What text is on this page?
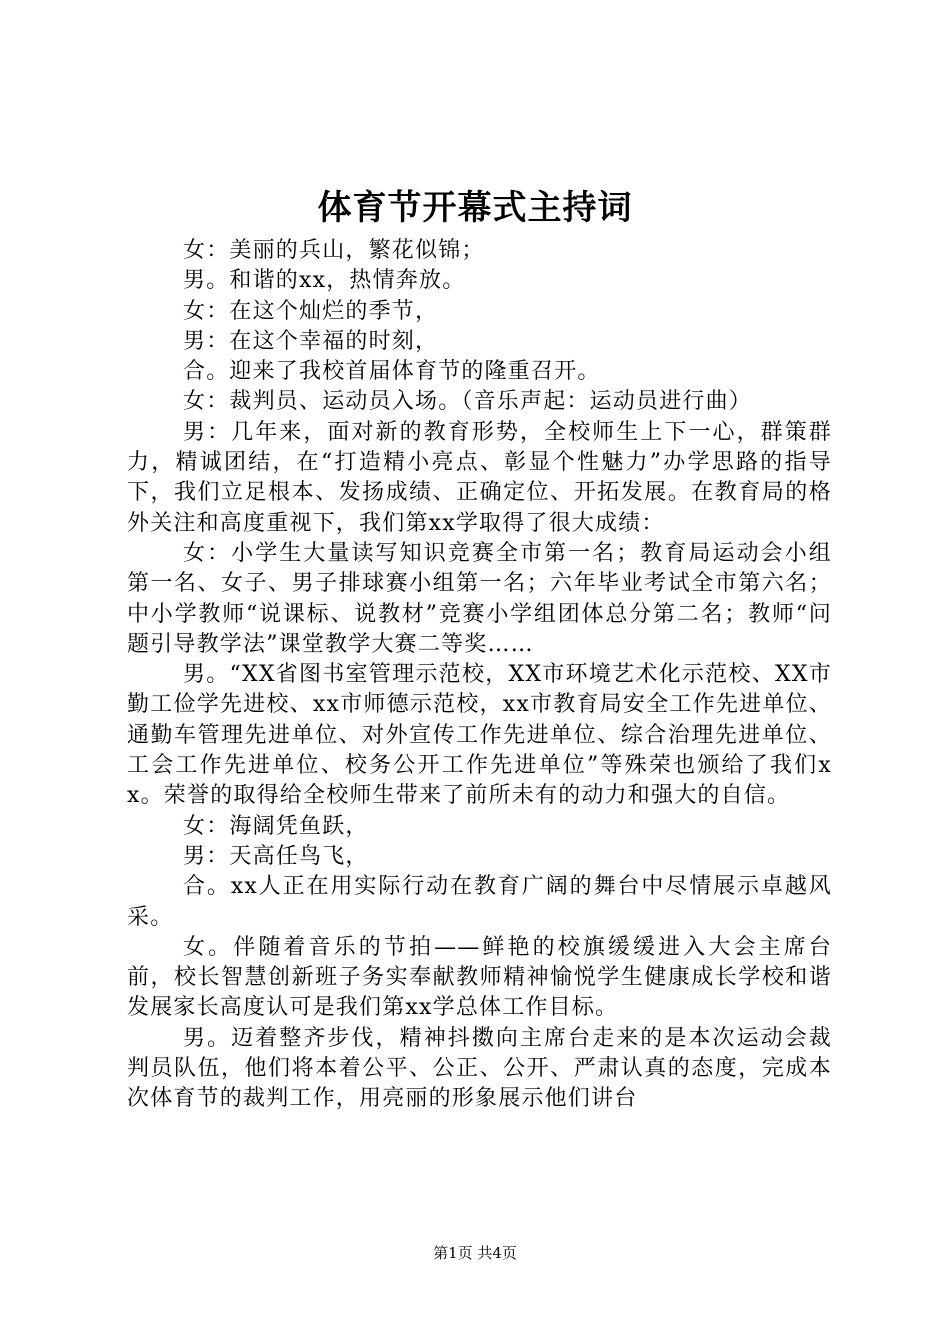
体育节开幕式主持词

女：美丽的兵山，繁花似锦；

男。和谐的xx，热情奔放。

女：在这个灿烂的季节，

男：在这个幸福的时刻，

合。迎来了我校首届体育节的隆重召开。

女：裁判员、运动员入场。（音乐声起：运动员进行曲）

男：几年来，面对新的教育形势，全校师生上下一心，群策群力，精诚团结，在“打造精小亮点、彰显个性魅力”办学思路的指导下，我们立足根本、发扬成绩、正确定位、开拓发展。在教育局的格外关注和高度重视下，我们第xx学取得了很大成绩：

女：小学生大量读写知识竞赛全市第一名；教育局运动会小组第一名、女子、男子排球赛小组第一名；六年毕业考试全市第六名；中小学教师“说课标、说教材”竞赛小学组团体总分第二名；教师“问题引导教学法”课堂教学大赛二等奖……

男。“XX省图书室管理示范校，XX市环境艺术化示范校、XX市勤工俭学先进校、xx市师德示范校，xx市教育局安全工作先进单位、通勤车管理先进单位、对外宣传工作先进单位、综合治理先进单位、工会工作先进单位、校务公开工作先进单位”等殊荣也颁给了我们xx。荣誉的取得给全校师生带来了前所未有的动力和强大的自信。

女：海阔凭鱼跃，

男：天高任鸟飞，

合。xx人正在用实际行动在教育广阔的舞台中尽情展示卓越风采。

女。伴随着音乐的节拍——鲜艳的校旗缓缓进入大会主席台前，校长智慧创新班子务实奉献教师精神愉悦学生健康成长学校和谐发展家长高度认可是我们第xx学总体工作目标。

男。迈着整齐步伐，精神抖擞向主席台走来的是本次运动会裁判员队伍，他们将本着公平、公正、公开、严肃认真的态度，完成本次体育节的裁判工作，用亮丽的形象展示他们讲台

第1页 共4页
